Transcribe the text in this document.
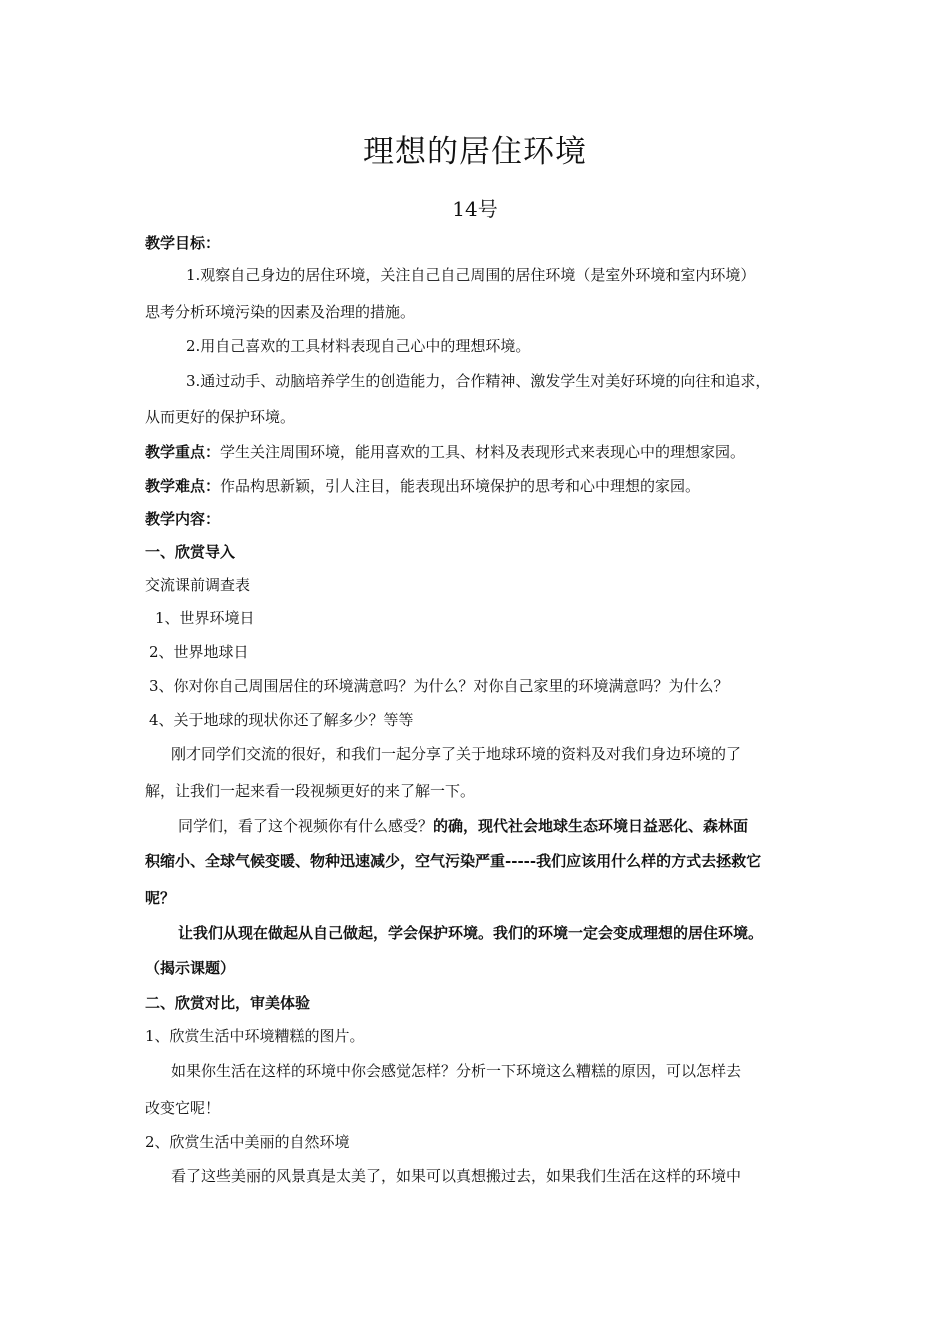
理想的居住环境
14号
教学目标：
1.观察自己身边的居住环境，关注自己自己周围的居住环境（是室外环境和室内环境）
思考分析环境污染的因素及治理的措施。
2.用自己喜欢的工具材料表现自己心中的理想环境。
3.通过动手、动脑培养学生的创造能力，合作精神、激发学生对美好环境的向往和追求，
从而更好的保护环境。
教学重点：学生关注周围环境，能用喜欢的工具、材料及表现形式来表现心中的理想家园。
教学难点：作品构思新颖，引人注目，能表现出环境保护的思考和心中理想的家园。
教学内容：
一、欣赏导入
交流课前调查表
1、世界环境日
2、世界地球日
3、你对你自己周围居住的环境满意吗？为什么？对你自己家里的环境满意吗？为什么？
4、关于地球的现状你还了解多少？等等
刚才同学们交流的很好，和我们一起分享了关于地球环境的资料及对我们身边环境的了
解，让我们一起来看一段视频更好的来了解一下。
同学们，看了这个视频你有什么感受？的确，现代社会地球生态环境日益恶化、森林面
积缩小、全球气候变暖、物种迅速减少，空气污染严重-----我们应该用什么样的方式去拯救它
呢？
让我们从现在做起从自己做起，学会保护环境。我们的环境一定会变成理想的居住环境。
（揭示课题）
二、欣赏对比，审美体验
1、欣赏生活中环境糟糕的图片。
如果你生活在这样的环境中你会感觉怎样？分析一下环境这么糟糕的原因，可以怎样去
改变它呢！
2、欣赏生活中美丽的自然环境
看了这些美丽的风景真是太美了，如果可以真想搬过去，如果我们生活在这样的环境中
